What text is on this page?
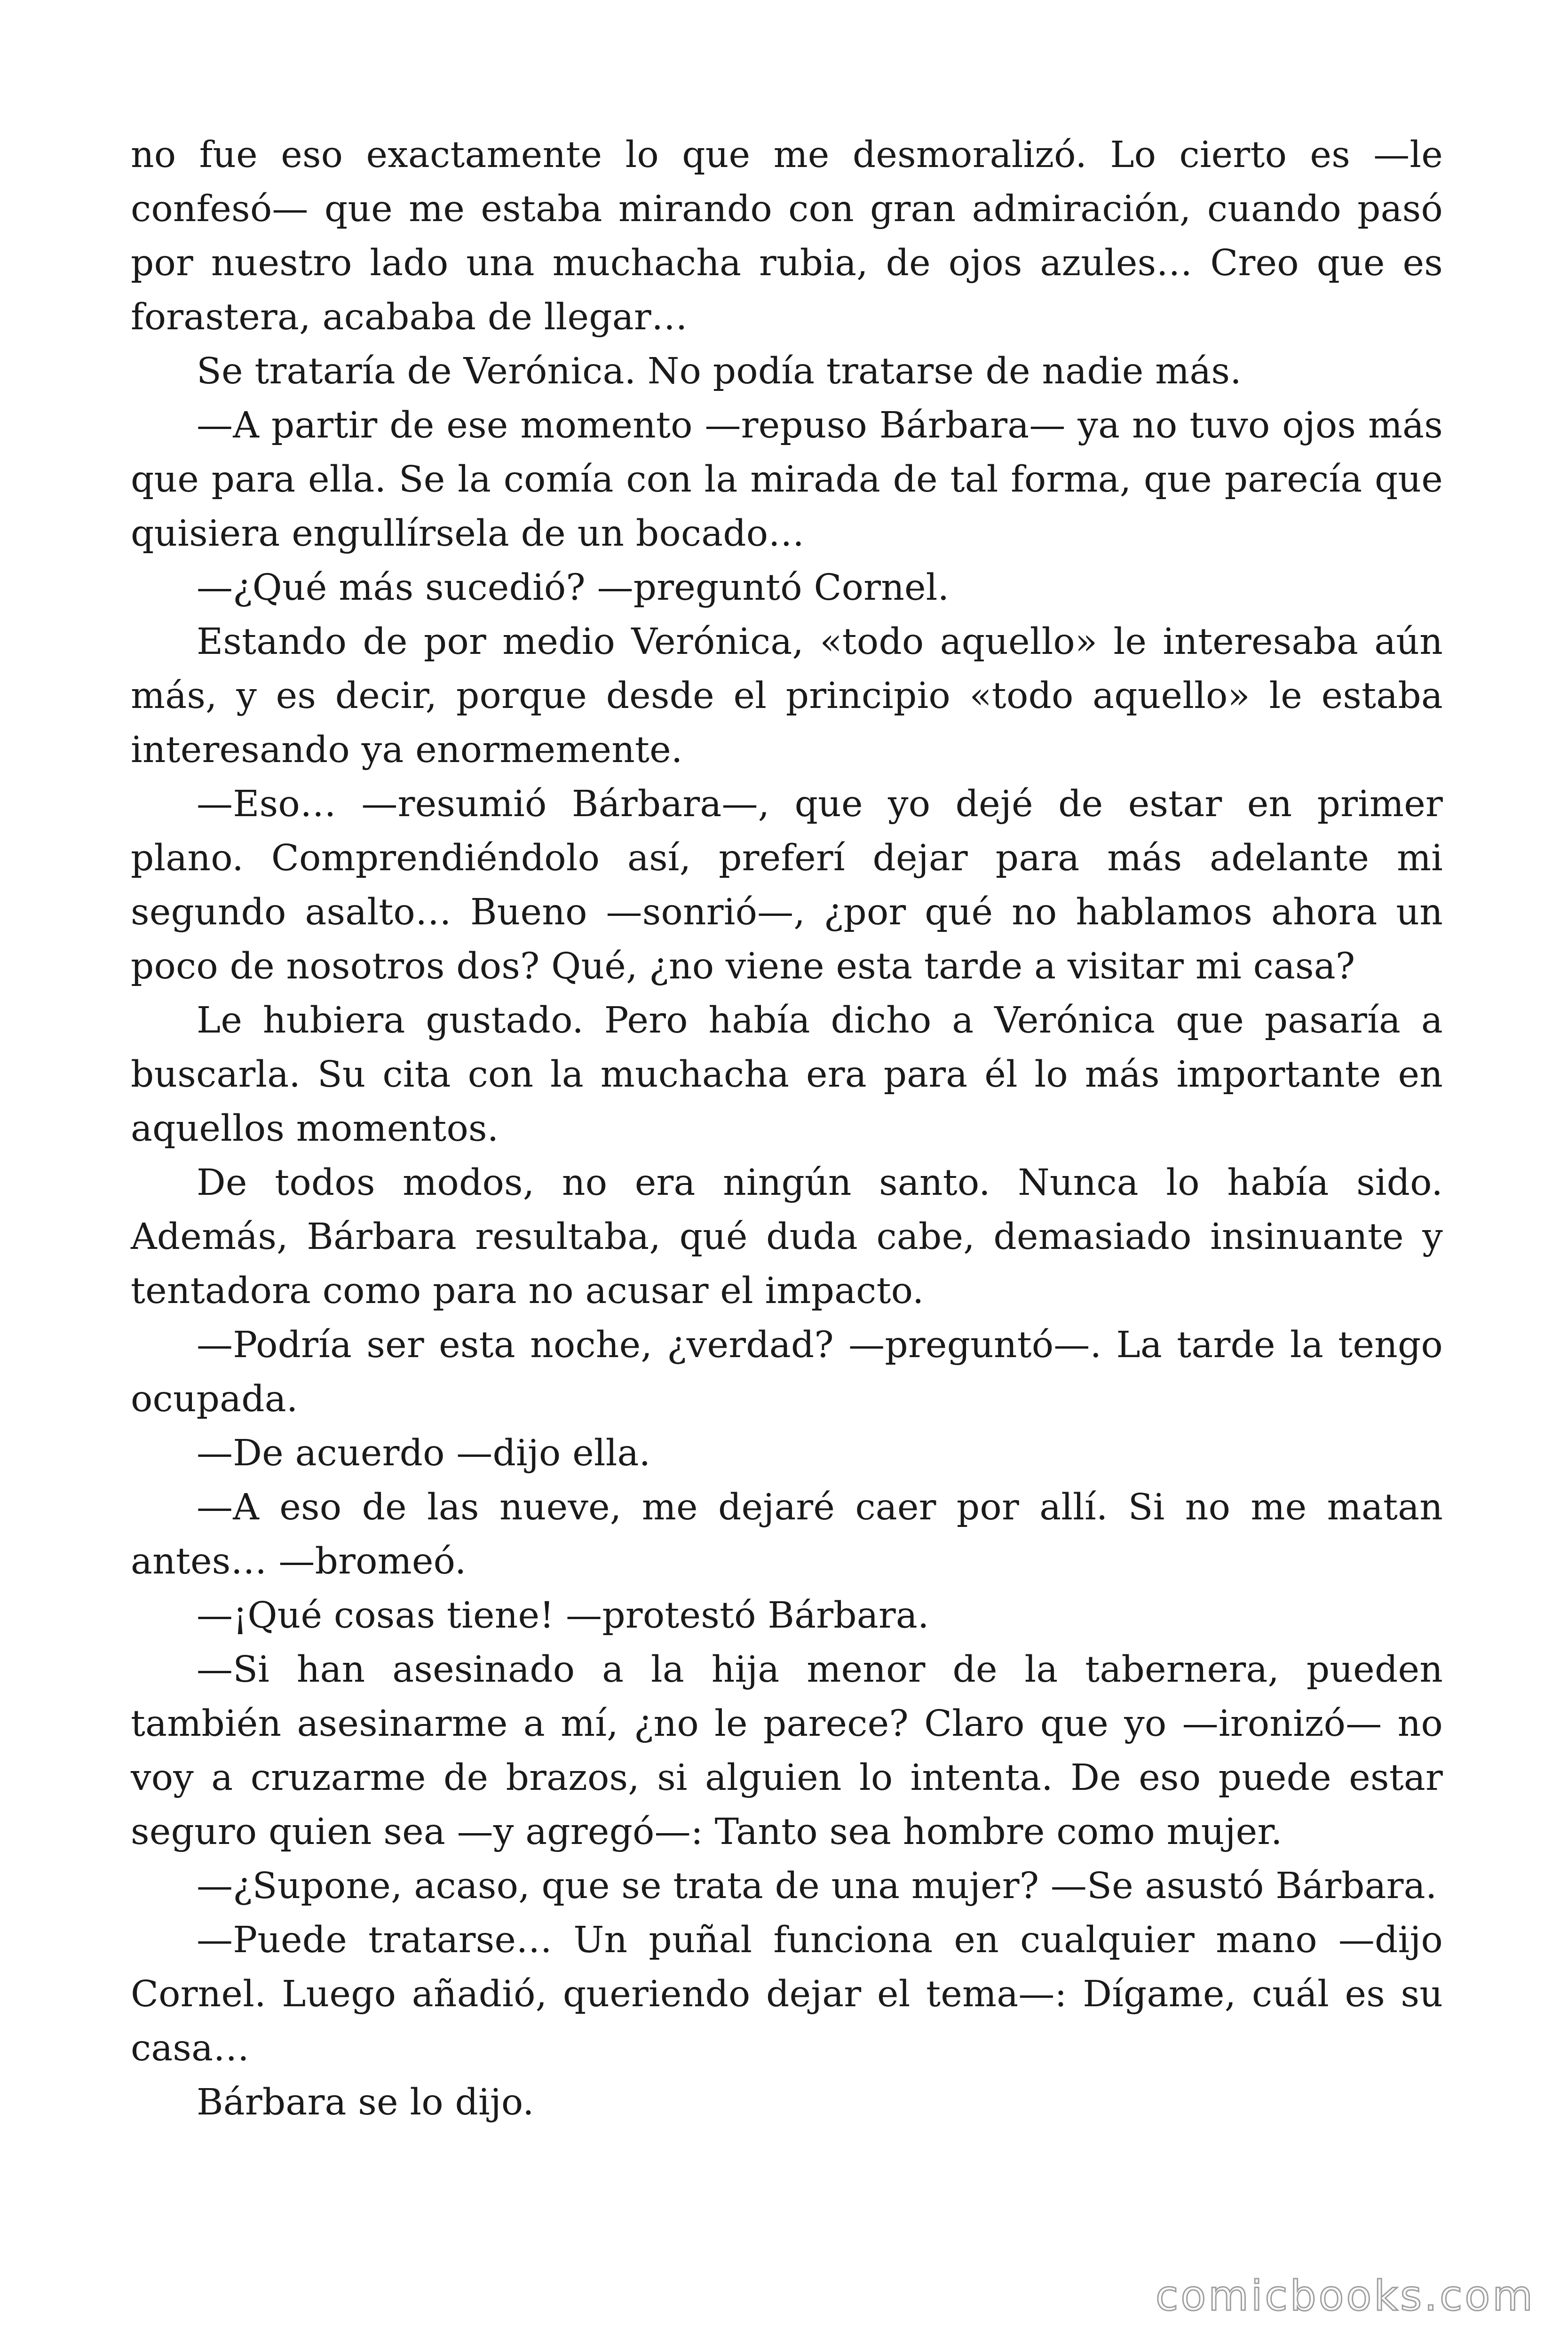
no fue eso exactamente lo que me desmoralizó. Lo cierto es —le confesó— que me estaba mirando con gran admiración, cuando pasó por nuestro lado una muchacha rubia, de ojos azules… Creo que es forastera, acababa de llegar…

Se trataría de Verónica. No podía tratarse de nadie más.

—A partir de ese momento —repuso Bárbara— ya no tuvo ojos más que para ella. Se la comía con la mirada de tal forma, que parecía que quisiera engullírsela de un bocado…

—¿Qué más sucedió? —preguntó Cornel.

Estando de por medio Verónica, «todo aquello» le interesaba aún más, y es decir, porque desde el principio «todo aquello» le estaba interesando ya enormemente.

—Eso… —resumió Bárbara—, que yo dejé de estar en primer plano. Comprendiéndolo así, preferí dejar para más adelante mi segundo asalto… Bueno —sonrió—, ¿por qué no hablamos ahora un poco de nosotros dos? Qué, ¿no viene esta tarde a visitar mi casa?

Le hubiera gustado. Pero había dicho a Verónica que pasaría a buscarla. Su cita con la muchacha era para él lo más importante en aquellos momentos.

De todos modos, no era ningún santo. Nunca lo había sido. Además, Bárbara resultaba, qué duda cabe, demasiado insinuante y tentadora como para no acusar el impacto.

—Podría ser esta noche, ¿verdad? —preguntó—. La tarde la tengo ocupada.

—De acuerdo —dijo ella.

—A eso de las nueve, me dejaré caer por allí. Si no me matan antes… —bromeó.

—¡Qué cosas tiene! —protestó Bárbara.

—Si han asesinado a la hija menor de la tabernera, pueden también asesinarme a mí, ¿no le parece? Claro que yo —ironizó— no voy a cruzarme de brazos, si alguien lo intenta. De eso puede estar seguro quien sea —y agregó—: Tanto sea hombre como mujer.

—¿Supone, acaso, que se trata de una mujer? —Se asustó Bárbara.

—Puede tratarse… Un puñal funciona en cualquier mano —dijo Cornel. Luego añadió, queriendo dejar el tema—: Dígame, cuál es su casa…

Bárbara se lo dijo.

comicbooks.com
